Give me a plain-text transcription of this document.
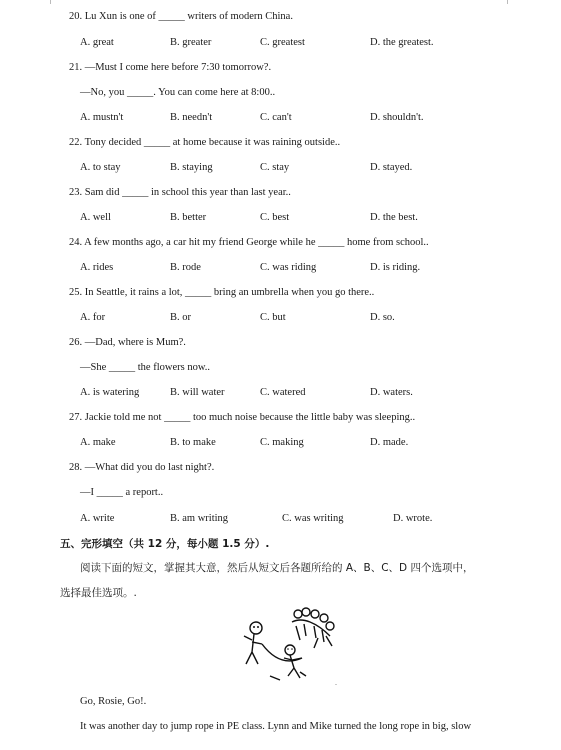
20. Lu Xun is one of _____ writers of modern China.
A. great	B. greater	C. greatest	D. the greatest.
21. —Must I come here before 7:30 tomorrow?.
—No, you _____. You can come here at 8:00..
A. mustn't	B. needn't	C. can't	D. shouldn't.
22. Tony decided _____ at home because it was raining outside..
A. to stay	B. staying	C. stay	D. stayed.
23. Sam did _____ in school this year than last year..
A. well	B. better	C. best	D. the best.
24. A few months ago, a car hit my friend George while he _____ home from school..
A. rides	B. rode	C. was riding	D. is riding.
25. In Seattle, it rains a lot, _____ bring an umbrella when you go there..
A. for	B. or	C. but	D. so.
26. —Dad, where is Mum?.
—She _____ the flowers now..
A. is watering	B. will water	C. watered	D. waters.
27. Jackie told me not _____ too much noise because the little baby was sleeping..
A. make	B. to make	C. making	D. made.
28. —What did you do last night?.
—I _____ a report..
A. write	B. am writing	C. was writing	D. wrote.
五、完形填空（共 12 分，每小题 1.5 分）.
阅读下面的短文，掌握其大意，然后从短文后各题所给的 A、B、C、D 四个选项中，
选择最佳选项。.
.
Go, Rosie, Go!.
It was another day to jump rope in PE class. Lynn and Mike turned the long rope in big, slow
